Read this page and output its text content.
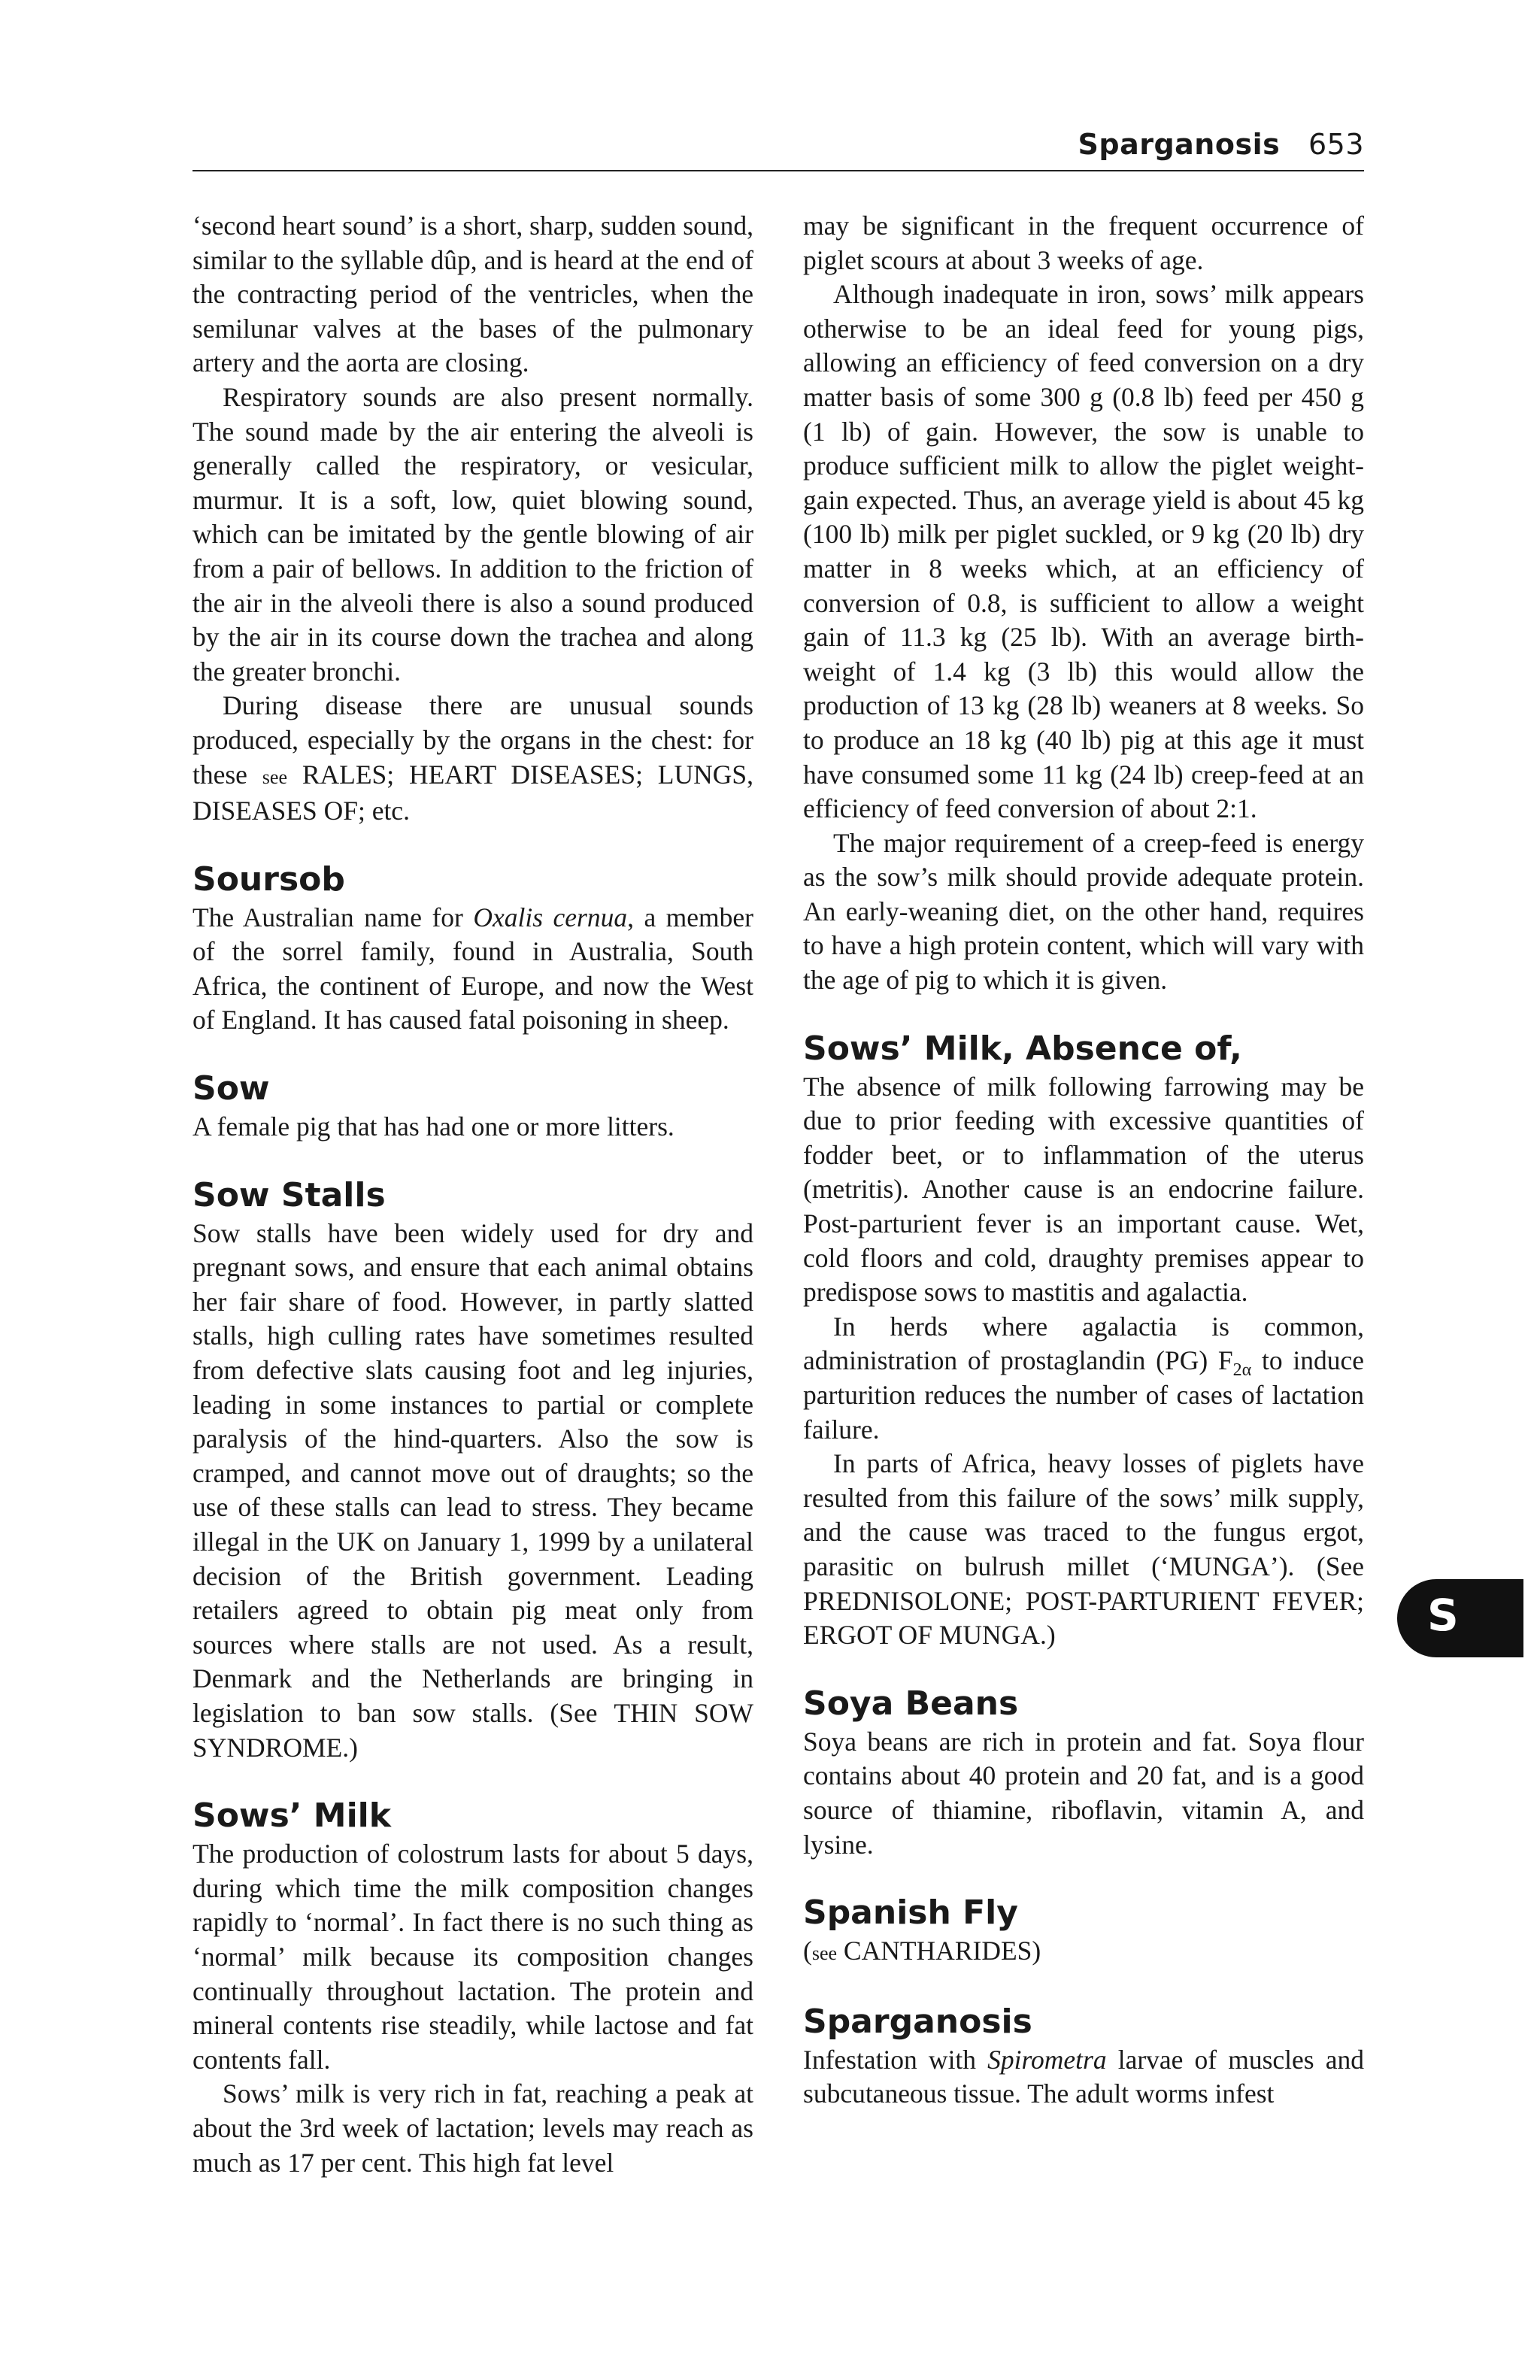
Sparganosis 653

‘second heart sound’ is a short, sharp, sudden sound, similar to the syllable dûp, and is heard at the end of the contracting period of the ventricles, when the semilunar valves at the bases of the pulmonary artery and the aorta are closing.

Respiratory sounds are also present normally. The sound made by the air entering the alveoli is generally called the respiratory, or vesicular, murmur. It is a soft, low, quiet blowing sound, which can be imitated by the gentle blowing of air from a pair of bellows. In addition to the friction of the air in the alveoli there is also a sound produced by the air in its course down the trachea and along the greater bronchi.

During disease there are unusual sounds produced, especially by the organs in the chest: for these see RALES; HEART DISEASES; LUNGS, DISEASES OF; etc.

Soursob

The Australian name for Oxalis cernua, a member of the sorrel family, found in Australia, South Africa, the continent of Europe, and now the West of England. It has caused fatal poisoning in sheep.

Sow

A female pig that has had one or more litters.

Sow Stalls

Sow stalls have been widely used for dry and pregnant sows, and ensure that each animal obtains her fair share of food. However, in partly slatted stalls, high culling rates have sometimes resulted from defective slats causing foot and leg injuries, leading in some instances to partial or complete paralysis of the hind-quarters. Also the sow is cramped, and cannot move out of draughts; so the use of these stalls can lead to stress. They became illegal in the UK on January 1, 1999 by a unilateral decision of the British government. Leading retailers agreed to obtain pig meat only from sources where stalls are not used. As a result, Denmark and the Netherlands are bringing in legislation to ban sow stalls. (See THIN SOW SYNDROME.)

Sows’ Milk

The production of colostrum lasts for about 5 days, during which time the milk composition changes rapidly to ‘normal’. In fact there is no such thing as ‘normal’ milk because its composition changes continually throughout lactation. The protein and mineral contents rise steadily, while lactose and fat contents fall.

Sows’ milk is very rich in fat, reaching a peak at about the 3rd week of lactation; levels may reach as much as 17 per cent. This high fat level

may be significant in the frequent occurrence of piglet scours at about 3 weeks of age.

Although inadequate in iron, sows’ milk appears otherwise to be an ideal feed for young pigs, allowing an efficiency of feed conversion on a dry matter basis of some 300 g (0.8 lb) feed per 450 g (1 lb) of gain. However, the sow is unable to produce sufficient milk to allow the piglet weight-gain expected. Thus, an average yield is about 45 kg (100 lb) milk per piglet suckled, or 9 kg (20 lb) dry matter in 8 weeks which, at an efficiency of conversion of 0.8, is sufficient to allow a weight gain of 11.3 kg (25 lb). With an average birth-weight of 1.4 kg (3 lb) this would allow the production of 13 kg (28 lb) weaners at 8 weeks. So to produce an 18 kg (40 lb) pig at this age it must have consumed some 11 kg (24 lb) creep-feed at an efficiency of feed conversion of about 2:1.

The major requirement of a creep-feed is energy as the sow’s milk should provide adequate protein. An early-weaning diet, on the other hand, requires to have a high protein content, which will vary with the age of pig to which it is given.

Sows’ Milk, Absence of,

The absence of milk following farrowing may be due to prior feeding with excessive quantities of fodder beet, or to inflammation of the uterus (metritis). Another cause is an endocrine failure. Post-parturient fever is an important cause. Wet, cold floors and cold, draughty premises appear to predispose sows to mastitis and agalactia.

In herds where agalactia is common, administration of prostaglandin (PG) $F_{2\alpha}$ to induce parturition reduces the number of cases of lactation failure.

In parts of Africa, heavy losses of piglets have resulted from this failure of the sows’ milk supply, and the cause was traced to the fungus ergot, parasitic on bulrush millet (‘MUNGA’). (See PREDNISOLONE; POST-PARTURIENT FEVER; ERGOT OF MUNGA.)

Soya Beans

Soya beans are rich in protein and fat. Soya flour contains about 40 protein and 20 fat, and is a good source of thiamine, riboflavin, vitamin A, and lysine.

Spanish Fly

(see CANTHARIDES)

Sparganosis

Infestation with Spirometra larvae of muscles and subcutaneous tissue. The adult worms infest

S
